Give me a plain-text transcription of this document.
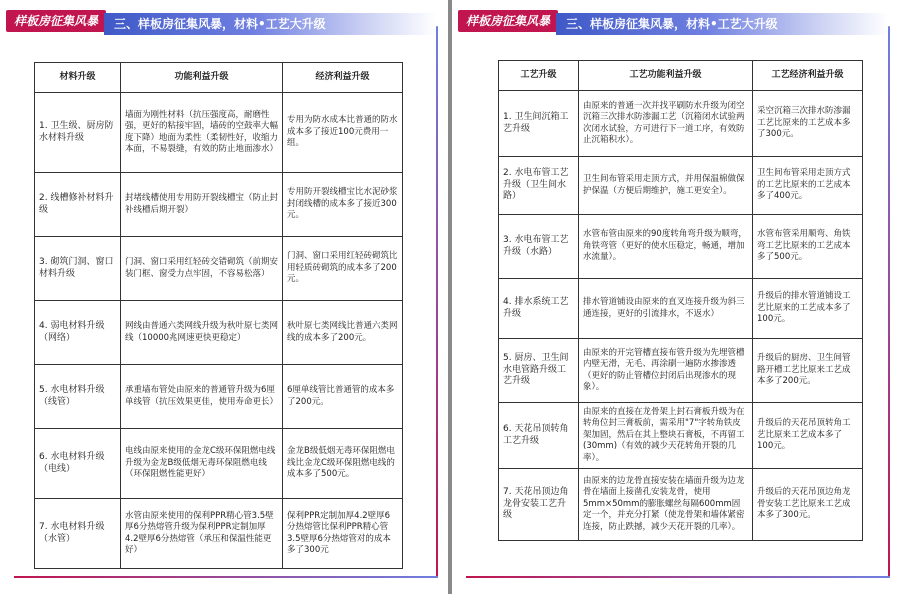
样板房征集风暴	三、样板房征集风暴，材料•工艺大升级
材料升级	功能利益升级	经济利益升级
1. 卫生级、厨房防水材料升级	墙面为刚性材料（抗压强度高，耐磨性强，更好的粘接牢固，墙砖的空鼓率大幅度下降）地面为柔性（柔韧性好，收缩力本面，不易裂缝，有效的防止地面渗水）	专用为防水成本比普通的防水成本多了接近100元费用一组。
2. 线槽修补材料升级	封堵线槽使用专用防开裂线槽宝（防止封补线槽后期开裂）	专用防开裂线槽宝比水泥砂浆封闭线槽的成本多了接近300元。
3. 砌筑门洞、窗口材料升级	门洞、窗口采用红轻砖交错砌筑（前期安装门框、窗受力点牢固，不容易松落）	门洞、窗口采用红轻砖砌筑比用轻质砖砌筑的成本多了200元。
4. 弱电材料升级（网络）	网线由普通六类网线升级为秋叶原七类网线（10000兆网速更快更稳定）	秋叶原七类网线比普通六类网线的成本多了200元。
5. 水电材料升级（线管）	承重墙布管处由原来的普通管升级为6厘单线管（抗压效果更佳，使用寿命更长）	6厘单线管比普通管的成本多了200元。
6. 水电材料升级（电线）	电线由原来使用的金龙C级环保阻燃电线升级为金龙B级低烟无毒环保阻燃电线（环保阻燃性能更好）	金龙B级低烟无毒环保阻燃电线比金龙C级环保阻燃电线的成本多了500元。
7. 水电材料升级（水管）	水管由原来使用的保利PPR精心管3.5壁厚6分热熔管升级为保利PPR定制加厚4.2壁厚6分热熔管（承压和保温性能更好）	保利PPR定制加厚4.2壁厚6分热熔管比保利PPR精心管3.5壁厚6分热熔管对的成本多了300元
样板房征集风暴	三、样板房征集风暴，材料•工艺大升级
工艺升级	工艺功能利益升级	工艺经济利益升级
1. 卫生间沉箱工艺升级	由原来的普通一次并找平刷防水升级为闭空沉箱三次排水防渗漏工艺（沉箱闭水试验两次闭水试验，方可进行下一道工序，有效防止沉箱积水）。	采空沉箱三次排水防渗漏工艺比原来的工艺成本多了300元。
2. 水电布管工艺升级（卫生间水路）	卫生间布管采用走顶方式，并用保温棉做保护保温（方便后期维护，施工更安全）。	卫生间布管采用走顶方式的工艺比原来的工艺成本多了400元。
3. 水电布管工艺升级（水路）	水管布管由原来的90度转角弯升级为顺弯，角铁弯管（更好的使水压稳定，畅通，增加水流量）。	水管布管采用顺弯、角铁弯工艺比原来的工艺成本多了500元。
4. 排水系统工艺升级	排水管道铺设由原来的直叉连接升级为斜三通连接，更好的引流排水，不返水）	升级后的排水管道铺设工艺比原来的工艺成本多了100元。
5. 厨房、卫生间水电管路升级工艺升级	由原来的开完管槽直接布管升级为先埋管槽内壁无滑，无毛、再涂刷一遍防水掺渗透（更好的防止管槽位封闭后出现渗水的现象）。	升级后的厨房、卫生间管路开槽工艺比原来工艺成本多了200元。
6. 天花吊顶转角工艺升级	由原来的直接在龙骨架上封石膏板升级为在转角位封三膏板前，需采用"7"字转角铁皮架加固，然后在其上整块石膏板，不再留工(30mm)（有效的减少天花转角开裂的几率）。	升级后的天花吊顶转角工艺比原来工艺成本多了100元。
7. 天花吊顶边角龙骨安装工艺升级	由原来的边龙骨直接安装在墙面升级为边龙骨在墙面上接凿孔安装龙骨，使用5mm×50mm的膨胀螺丝每隔600mm固定一个，并充分打紧（使龙骨架和墙体紧密连接，防止跌撼，减少天花开裂的几率）。	升级后的天花吊顶边角龙骨安装工艺比原来工艺成本多了300元。
